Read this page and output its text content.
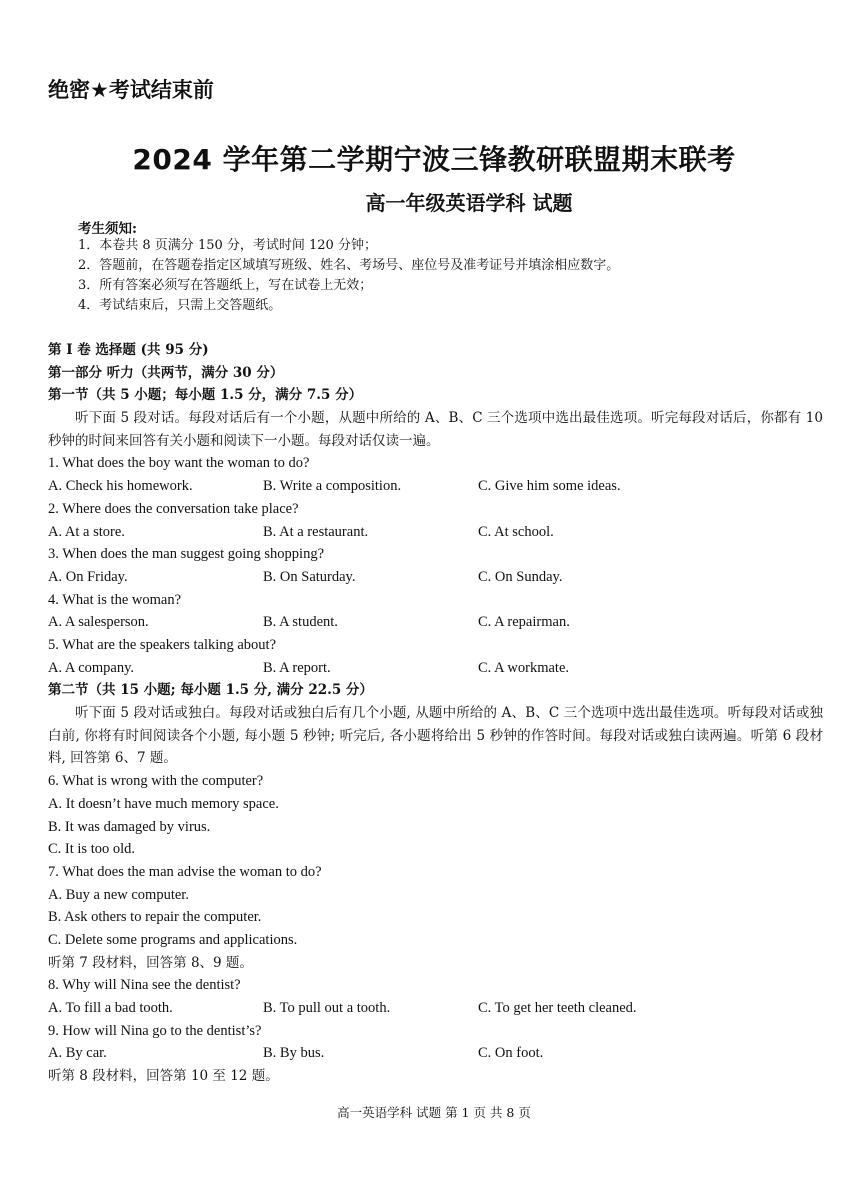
绝密★考试结束前
2024 学年第二学期宁波三锋教研联盟期末联考
高一年级英语学科 试题
考生须知:
1．本卷共 8 页满分 150 分，考试时间 120 分钟；
2．答题前，在答题卷指定区域填写班级、姓名、考场号、座位号及准考证号并填涂相应数字。
3．所有答案必须写在答题纸上，写在试卷上无效；
4．考试结束后，只需上交答题纸。
第 I 卷 选择题 (共 95 分)
第一部分 听力（共两节，满分 30 分）
第一节（共 5 小题；每小题 1.5 分，满分 7.5 分）

听下面 5 段对话。每段对话后有一个小题，从题中所给的 A、B、C 三个选项中选出最佳选项。听完每段对话后，你都有 10 秒钟的时间来回答有关小题和阅读下一小题。每段对话仅读一遍。

1. What does the boy want the woman to do?
A. Check his homework.	B. Write a composition.	C. Give him some ideas.
2. Where does the conversation take place?
A. At a store.	B. At a restaurant.	C. At school.
3. When does the man suggest going shopping?
A. On Friday.	B. On Saturday.	C. On Sunday.
4. What is the woman?
A. A salesperson.	B. A student.	C. A repairman.
5. What are the speakers talking about?
A. A company.	B. A report.	C. A workmate.
第二节（共 15 小题; 每小题 1.5 分, 满分 22.5 分）

听下面 5 段对话或独白。每段对话或独白后有几个小题, 从题中所给的 A、B、C 三个选项中选出最佳选项。听每段对话或独白前, 你将有时间阅读各个小题, 每小题 5 秒钟; 听完后, 各小题将给出 5 秒钟的作答时间。每段对话或独白读两遍。听第 6 段材料, 回答第 6、7 题。

6. What is wrong with the computer?
A. It doesn’t have much memory space.
B. It was damaged by virus.
C. It is too old.
7. What does the man advise the woman to do?
A. Buy a new computer.
B. Ask others to repair the computer.
C. Delete some programs and applications.
听第 7 段材料，回答第 8、9 题。
8. Why will Nina see the dentist?
A. To fill a bad tooth.	B. To pull out a tooth.	C. To get her teeth cleaned.
9. How will Nina go to the dentist’s?
A. By car.	B. By bus.	C. On foot.
听第 8 段材料，回答第 10 至 12 题。
高一英语学科 试题 第 1 页 共 8 页
